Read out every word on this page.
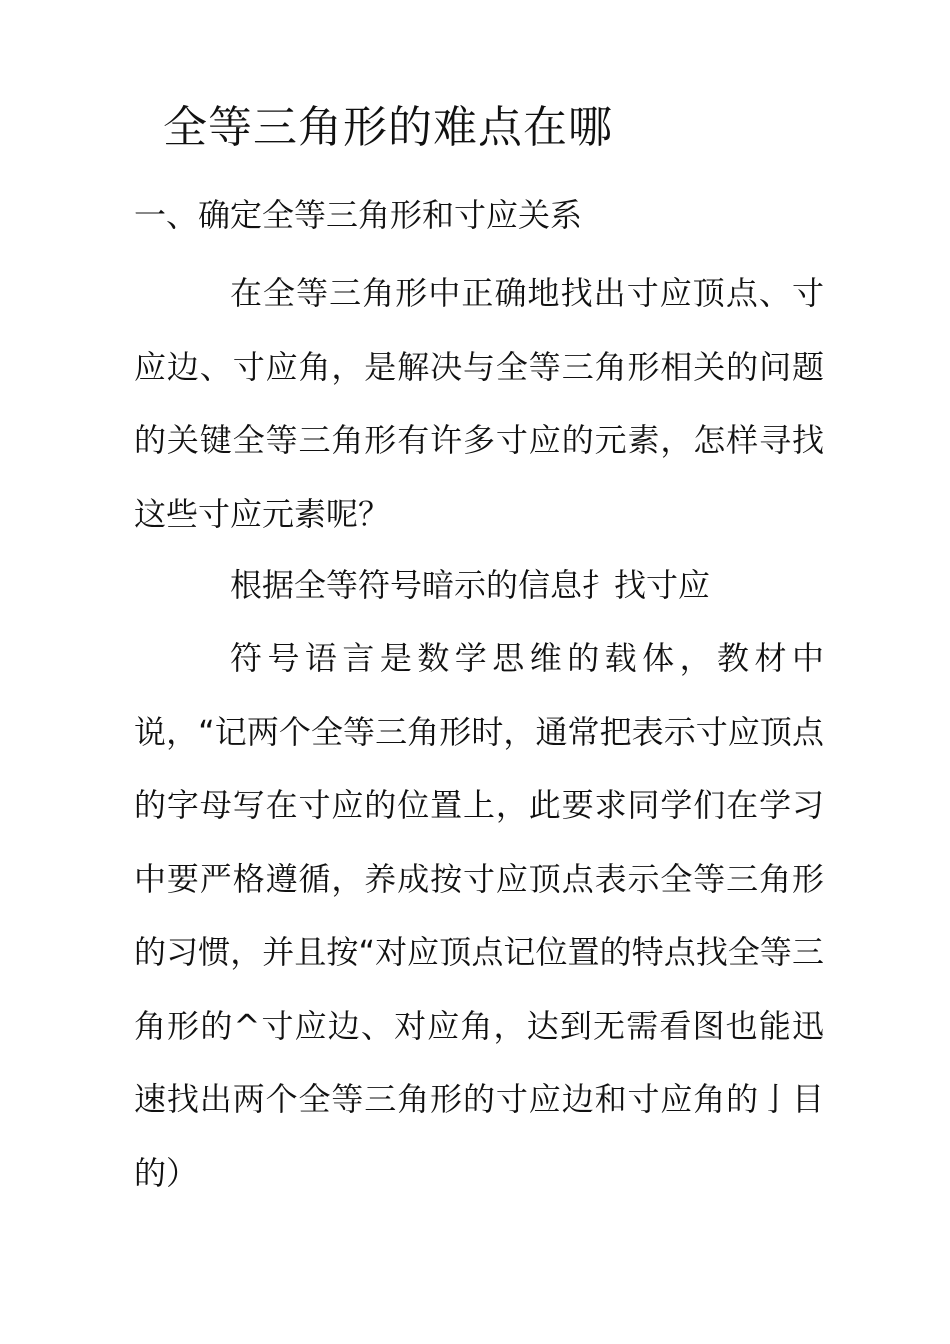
全等三角形的难点在哪
一、确定全等三角形和寸应关系

在全等三角形中正确地找出寸应顶点、寸应边、寸应角，是解决与全等三角形相关的问题的关键全等三角形有许多寸应的元素，怎样寻找这些寸应元素呢？

根据全等符号暗示的信息扌找寸应

符号语言是数学思维的载体，教材中说，“记两个全等三角形时，通常把表示寸应顶点的字母写在寸应的位置上，此要求同学们在学习中要严格遵循，养成按寸应顶点表示全等三角形的习惯，并且按“对应顶点记位置的特点找全等三角形的^寸应边、对应角，达到无需看图也能迅速找出两个全等三角形的寸应边和寸应角的亅目的）
